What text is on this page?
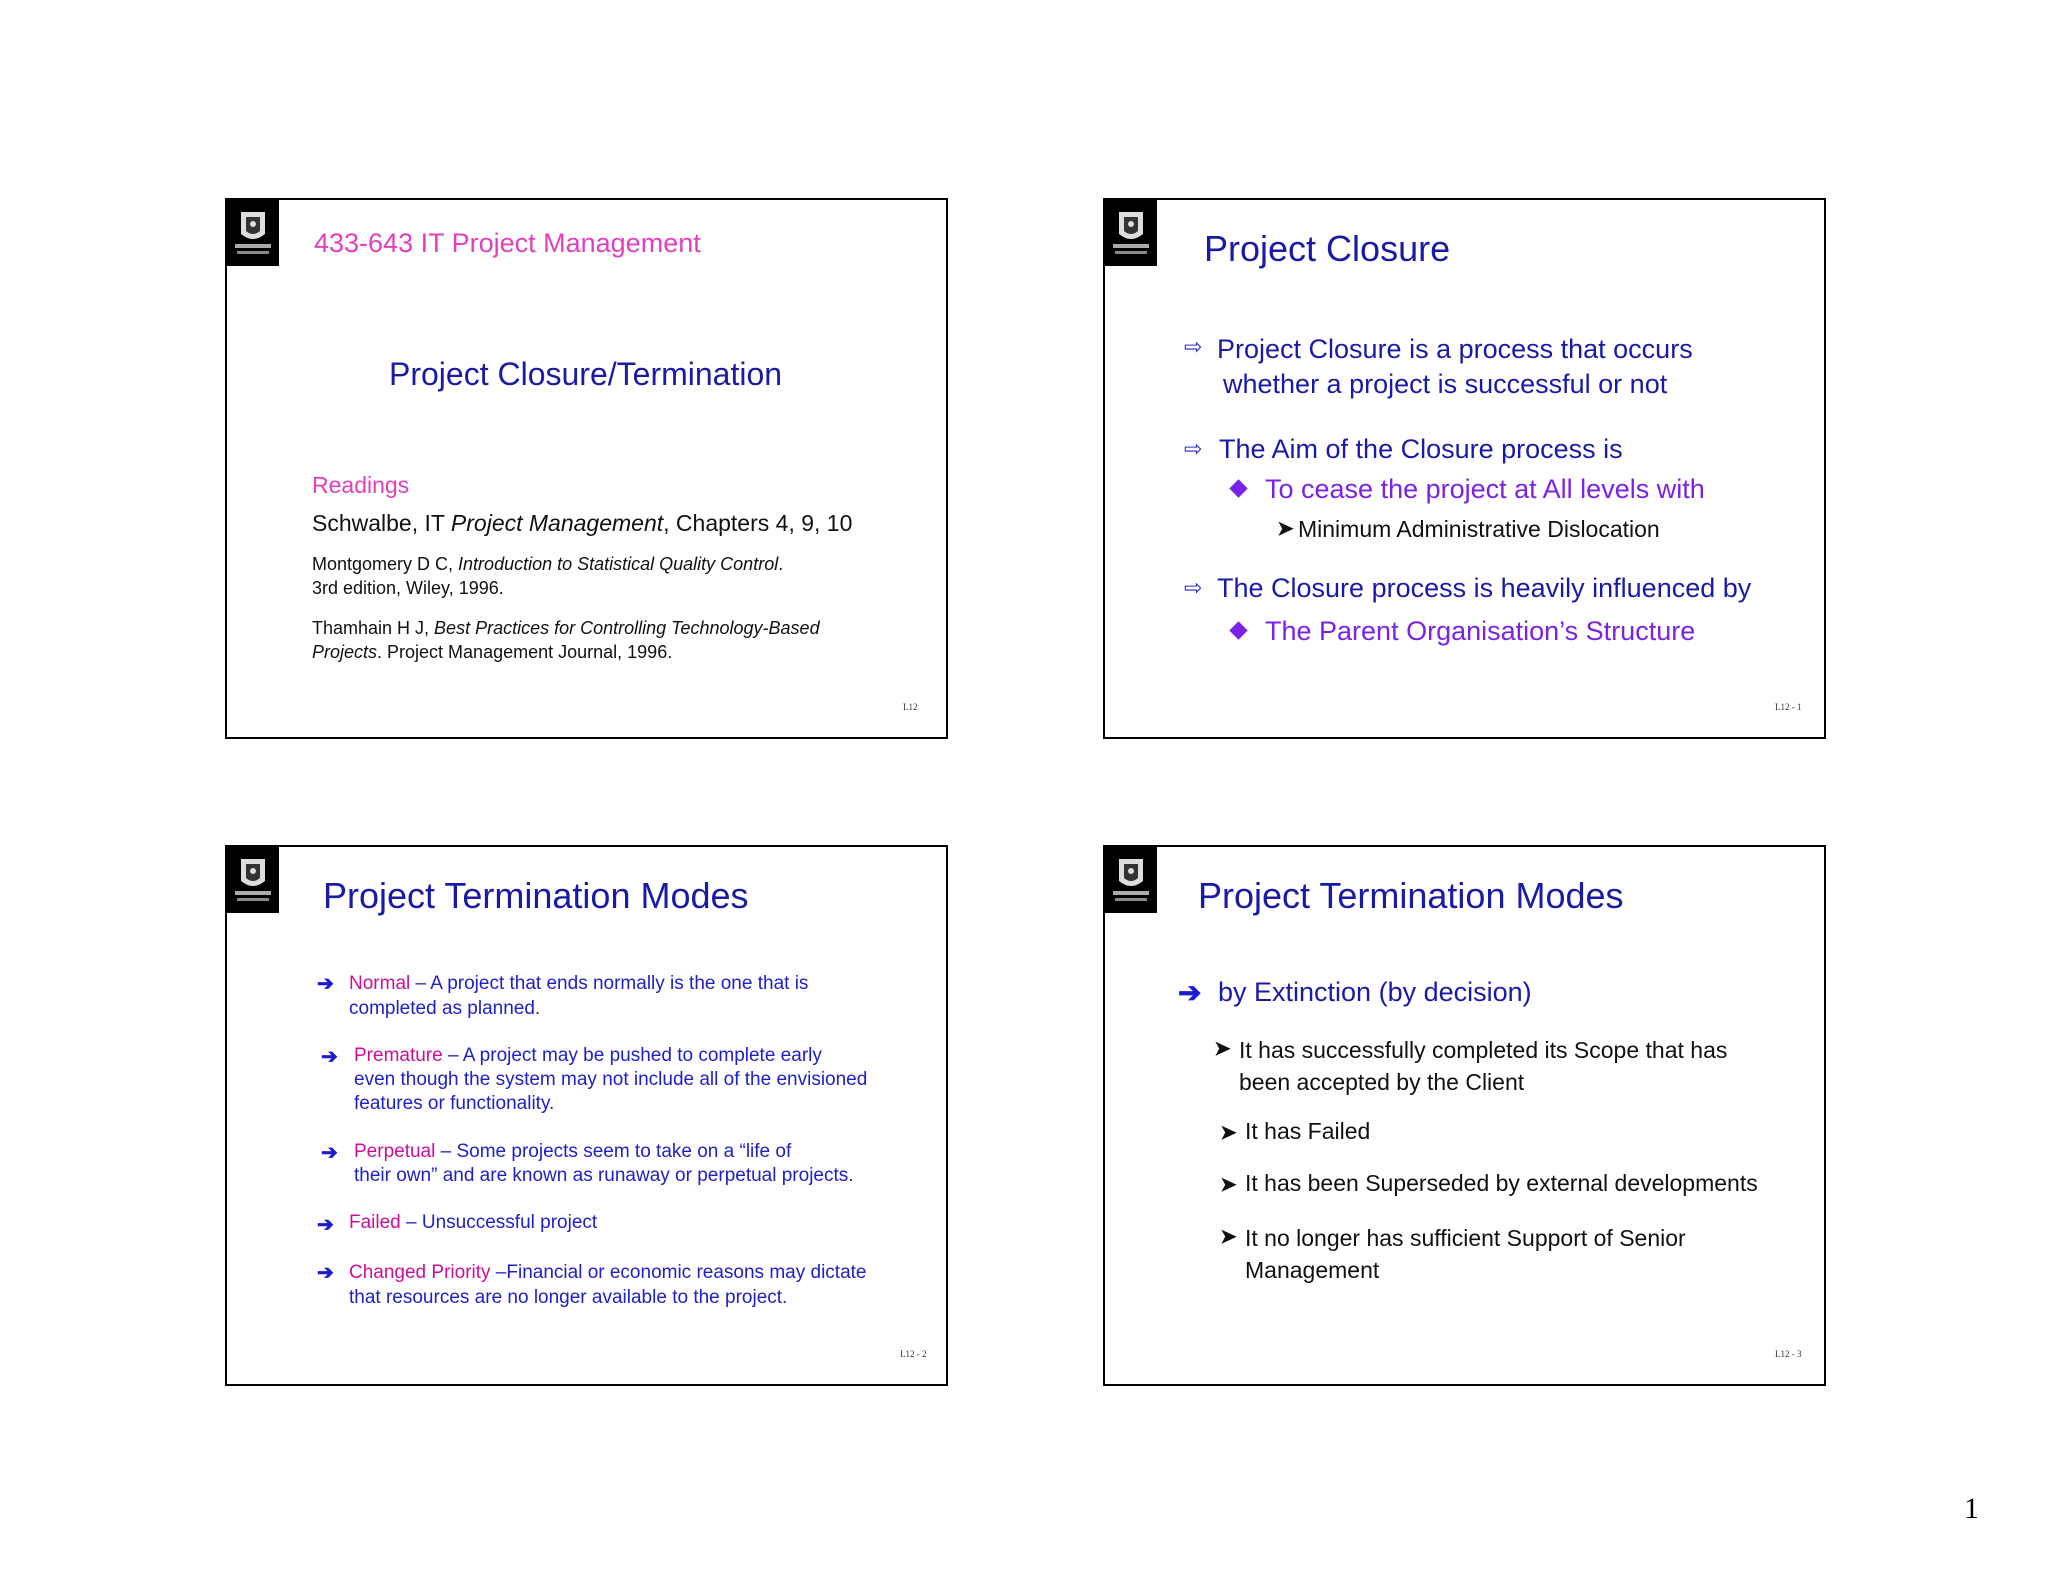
433-643 IT Project Management
Project Closure/Termination
Readings
Schwalbe, IT Project Management, Chapters 4, 9, 10
Montgomery D C, Introduction to Statistical Quality Control.
3rd edition, Wiley, 1996.
Thamhain H J, Best Practices for Controlling Technology-Based
Projects. Project Management Journal, 1996.
L12
Project Closure
⇨ Project Closure is a process that occurs
whether a project is successful or not
⇨ The Aim of the Closure process is
To cease the project at All levels with
➤ Minimum Administrative Dislocation
⇨ The Closure process is heavily influenced by
The Parent Organisation’s Structure
L12 - 1
Project Termination Modes
➔ Normal – A project that ends normally is the one that is
completed as planned.
➔ Premature – A project may be pushed to complete early
even though the system may not include all of the envisioned
features or functionality.
➔ Perpetual – Some projects seem to take on a “life of
their own” and are known as runaway or perpetual projects.
➔ Failed – Unsuccessful project
➔ Changed Priority –Financial or economic reasons may dictate
that resources are no longer available to the project.
L12 - 2
Project Termination Modes
➔ by Extinction (by decision)
➤ It has successfully completed its Scope that has
been accepted by the Client
➤ It has Failed
➤ It has been Superseded by external developments
➤ It no longer has sufficient Support of Senior
Management
L12 - 3
1
